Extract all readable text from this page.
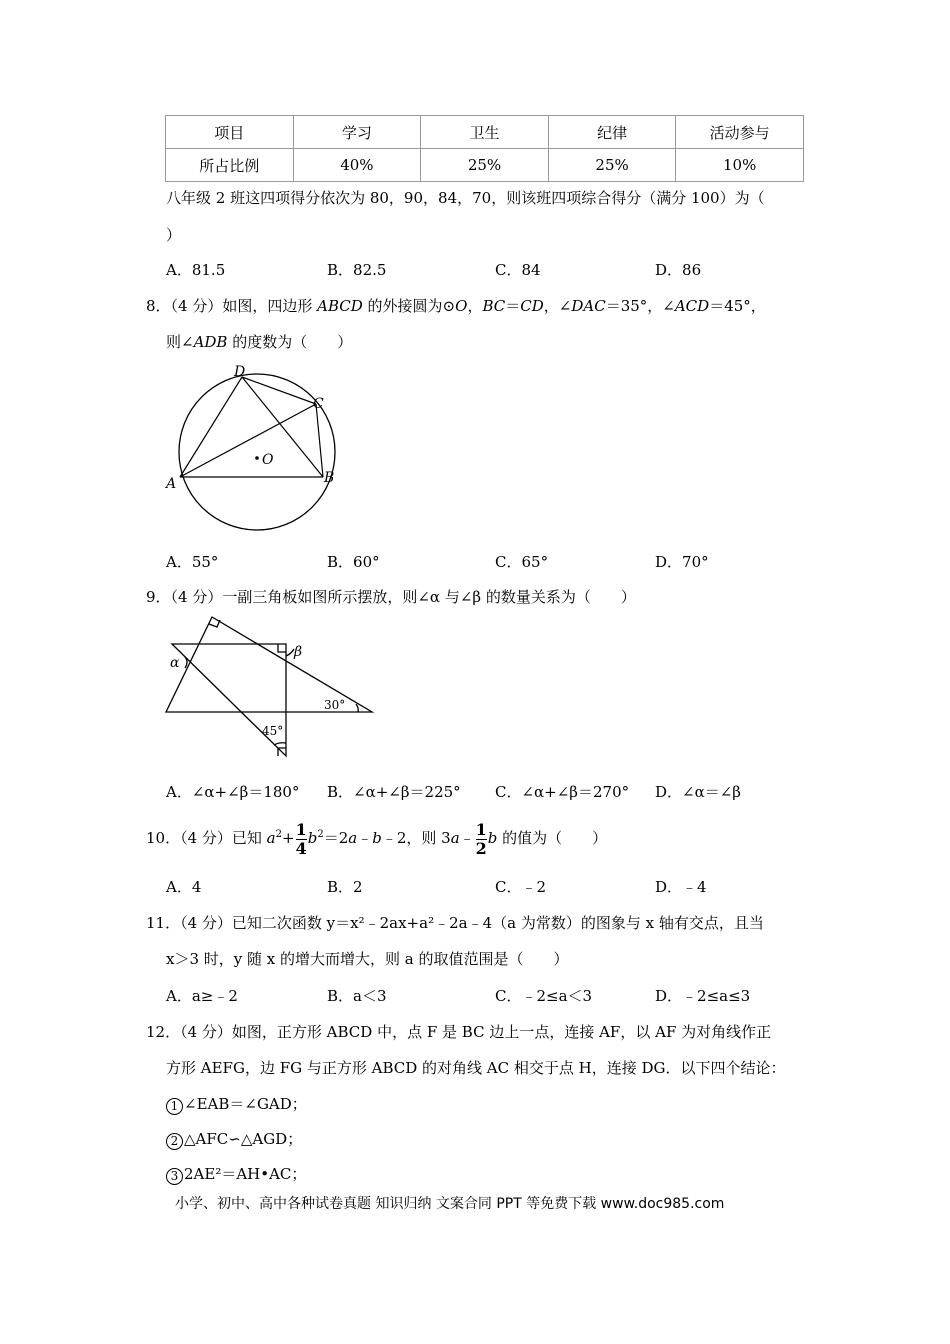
项目	学习	卫生	纪律	活动参与
所占比例	40%	25%	25%	10%
八年级 2 班这四项得分依次为 80，90，84，70，则该班四项综合得分（满分 100）为（
）
A．81.5	B．82.5	C．84	D．86
8．（4 分）如图，四边形 ABCD 的外接圆为⊙O，BC＝CD，∠DAC＝35°，∠ACD＝45°，
则∠ADB 的度数为（　　）
O
A	B
C
D
A．55°	B．60°	C．65°	D．70°
9．（4 分）一副三角板如图所示摆放，则∠α 与∠β 的数量关系为（　　）
α
β
30°
45°
A．∠α+∠β＝180° B．∠α+∠β＝225° C．∠α+∠β＝270° D．∠α＝∠β
10．（4 分）已知 $a^2+ \frac{1}{4}$ $b^2=2a﹣b﹣2$，则 3a﹣ $\frac{1}{2}$ b 的值为（　　）
A．4	B．2	C．﹣2	D．﹣4
11．（4 分）已知二次函数 y＝x²﹣2ax+a²﹣2a﹣4（a 为常数）的图象与 x 轴有交点，且当
x＞3 时，y 随 x 的增大而增大，则 a 的取值范围是（　　）
A．a≥﹣2	B．a＜3	C．﹣2≤a＜3	D．﹣2≤a≤3
12．（4 分）如图，正方形 ABCD 中，点 F 是 BC 边上一点，连接 AF，以 AF 为对角线作正
方形 AEFG，边 FG 与正方形 ABCD 的对角线 AC 相交于点 H，连接 DG．以下四个结论：
1 ∠EAB＝∠GAD；
2 △AFC∽△AGD；
3 2AE²＝AH•AC；
小学、初中、高中各种试卷真题 知识归纳 文案合同 PPT 等免费下载 www.doc985.com
